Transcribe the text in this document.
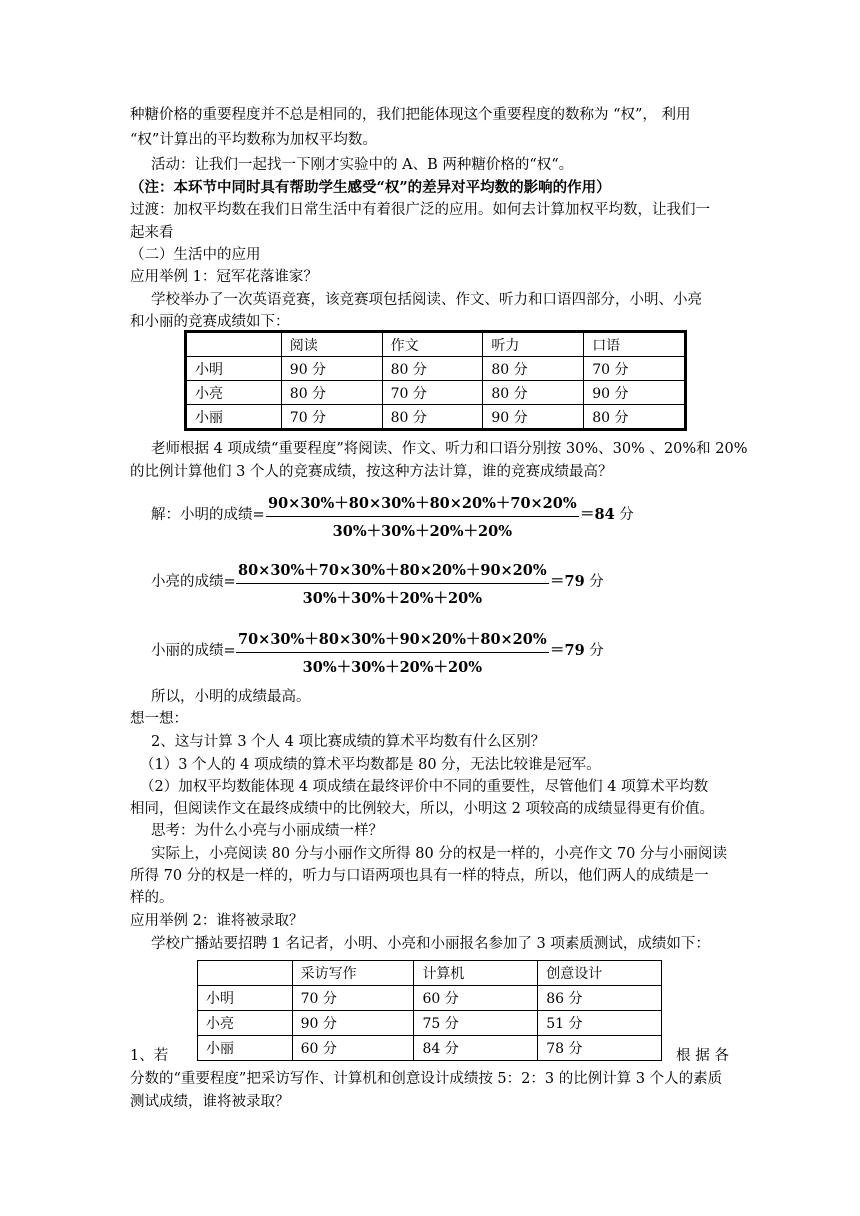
种糖价格的重要程度并不总是相同的，我们把能体现这个重要程度的数称为 “权”， 利用
“权”计算出的平均数称为加权平均数。
活动：让我们一起找一下刚才实验中的 A、B 两种糖价格的“权“。
（注：本环节中同时具有帮助学生感受“权”的差异对平均数的影响的作用）
过渡：加权平均数在我们日常生活中有着很广泛的应用。如何去计算加权平均数，让我们一
起来看
（二）生活中的应用
应用举例 1：冠军花落谁家？
学校举办了一次英语竞赛，该竞赛项包括阅读、作文、听力和口语四部分，小明、小亮
和小丽的竞赛成绩如下：
	阅读	作文	听力	口语
小明	90 分	80 分	80 分	70 分
小亮	80 分	70 分	80 分	90 分
小丽	70 分	80 分	90 分	80 分
老师根据 4 项成绩“重要程度”将阅读、作文、听力和口语分别按 30%、30% 、20%和 20%
的比例计算他们 3 个人的竞赛成绩，按这种方法计算，谁的竞赛成绩最高？
解：小明的成绩= $\frac{90\times 30\%+80\times 30\%+80\times 20\%+70\times 20\%}{30\%+30\%+20\%+20\%} =84$ 分
小亮的成绩= $\frac{80\times 30\%+70\times 30\%+80\times 20\%+90\times 20\%}{30\%+30\%+20\%+20\%} =79$ 分
小丽的成绩= $\frac{70\times 30\%+80\times 30\%+90\times 20\%+80\times 20\%}{30\%+30\%+20\%+20\%} =79$ 分
所以，小明的成绩最高。
想一想：
2、这与计算 3 个人 4 项比赛成绩的算术平均数有什么区别？
（1）3 个人的 4 项成绩的算术平均数都是 80 分，无法比较谁是冠军。
（2）加权平均数能体现 4 项成绩在最终评价中不同的重要性，尽管他们 4 项算术平均数
相同，但阅读作文在最终成绩中的比例较大，所以，小明这 2 项较高的成绩显得更有价值。
思考：为什么小亮与小丽成绩一样？
实际上，小亮阅读 80 分与小丽作文所得 80 分的权是一样的，小亮作文 70 分与小丽阅读
所得 70 分的权是一样的，听力与口语两项也具有一样的特点，所以，他们两人的成绩是一
样的。
应用举例 2：谁将被录取？
学校广播站要招聘 1 名记者，小明、小亮和小丽报名参加了 3 项素质测试，成绩如下：
	采访写作	计算机	创意设计
小明	70 分	60 分	86 分
小亮	90 分	75 分	51 分
小丽	60 分	84 分	78 分
1、若	根 据 各
分数的“重要程度”把采访写作、计算机和创意设计成绩按 5：2：3 的比例计算 3 个人的素质
测试成绩，谁将被录取？
